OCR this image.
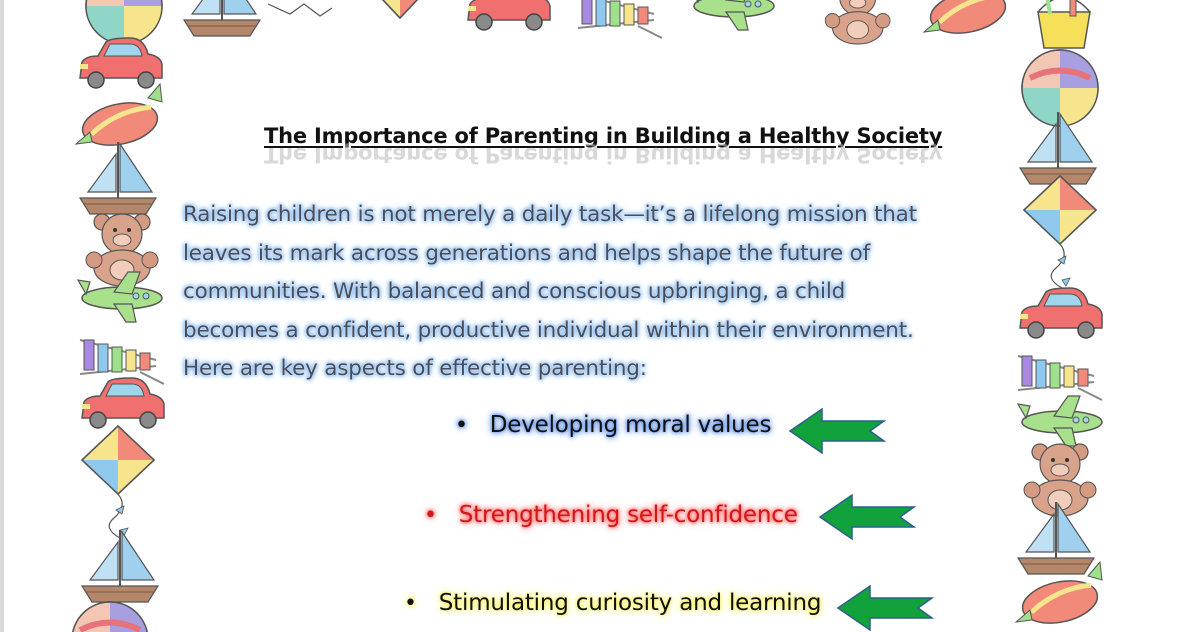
The Importance of Parenting in Building a Healthy Society
The Importance of Parenting in Building a Healthy Society
Raising children is not merely a daily task—it’s a lifelong mission that
leaves its mark across generations and helps shape the future of
communities. With balanced and conscious upbringing, a child
becomes a confident, productive individual within their environment.
Here are key aspects of effective parenting:
• Developing moral values
• Strengthening self-confidence
• Stimulating curiosity and learning
